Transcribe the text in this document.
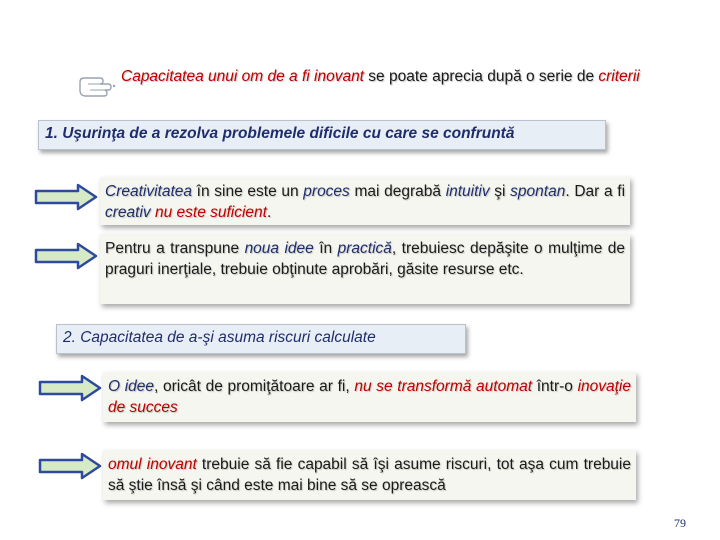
Capacitatea unui om de a fi inovant se poate aprecia după o serie de criterii
1. Uşurinţa de a rezolva problemele dificile cu care se confruntă
Creativitatea în sine este un proces mai degrabă intuitiv şi spontan. Dar a fi creativ nu este suficient.
Pentru a transpune noua idee în practică, trebuiesc depăşite o mulţime de praguri inerţiale, trebuie obţinute aprobări, găsite resurse etc.
2. Capacitatea de a-şi asuma riscuri calculate
O idee, oricât de promiţătoare ar fi, nu se transformă automat într-o inovaţie de succes
omul inovant trebuie să fie capabil să îşi asume riscuri, tot aşa cum trebuie să ştie însă şi când este mai bine să se oprească
79
